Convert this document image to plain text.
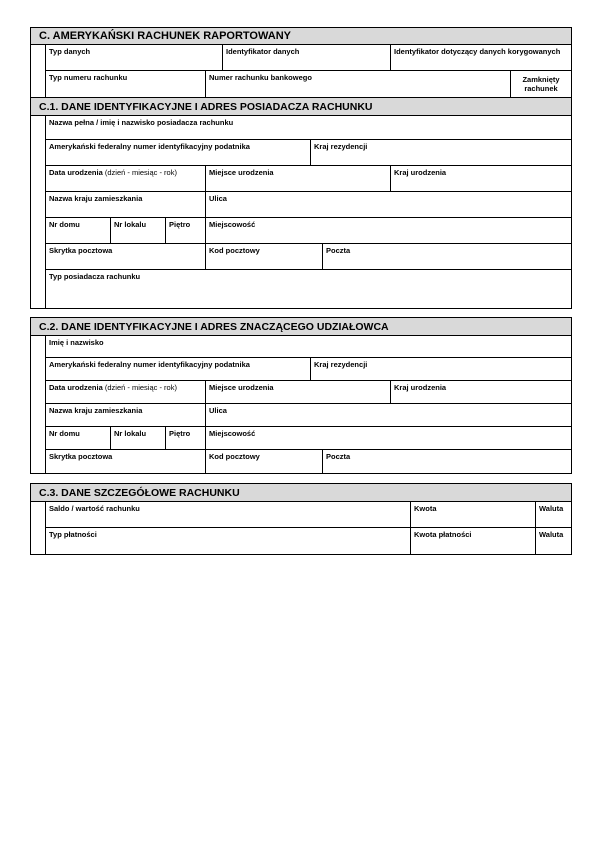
C. AMERYKAŃSKI RACHUNEK RAPORTOWANY
Typ danych	Identyfikator danych	Identyfikator dotyczący danych korygowanych
Typ numeru rachunku	Numer rachunku bankowego	Zamknięty rachunek
C.1. DANE IDENTYFIKACYJNE I ADRES POSIADACZA RACHUNKU
Nazwa pełna / imię i nazwisko posiadacza rachunku
Amerykański federalny numer identyfikacyjny podatnika	Kraj rezydencji
Data urodzenia (dzień - miesiąc - rok)	Miejsce urodzenia	Kraj urodzenia
Nazwa kraju zamieszkania	Ulica
Nr domu	Nr lokalu	Piętro	Miejscowość
Skrytka pocztowa	Kod pocztowy	Poczta
Typ posiadacza rachunku
C.2. DANE IDENTYFIKACYJNE I ADRES ZNACZĄCEGO UDZIAŁOWCA
Imię i nazwisko
Amerykański federalny numer identyfikacyjny podatnika	Kraj rezydencji
Data urodzenia (dzień - miesiąc - rok)	Miejsce urodzenia	Kraj urodzenia
Nazwa kraju zamieszkania	Ulica
Nr domu	Nr lokalu	Piętro	Miejscowość
Skrytka pocztowa	Kod pocztowy	Poczta
C.3. DANE SZCZEGÓŁOWE RACHUNKU
Saldo / wartość rachunku	Kwota	Waluta
Typ płatności	Kwota płatności	Waluta
